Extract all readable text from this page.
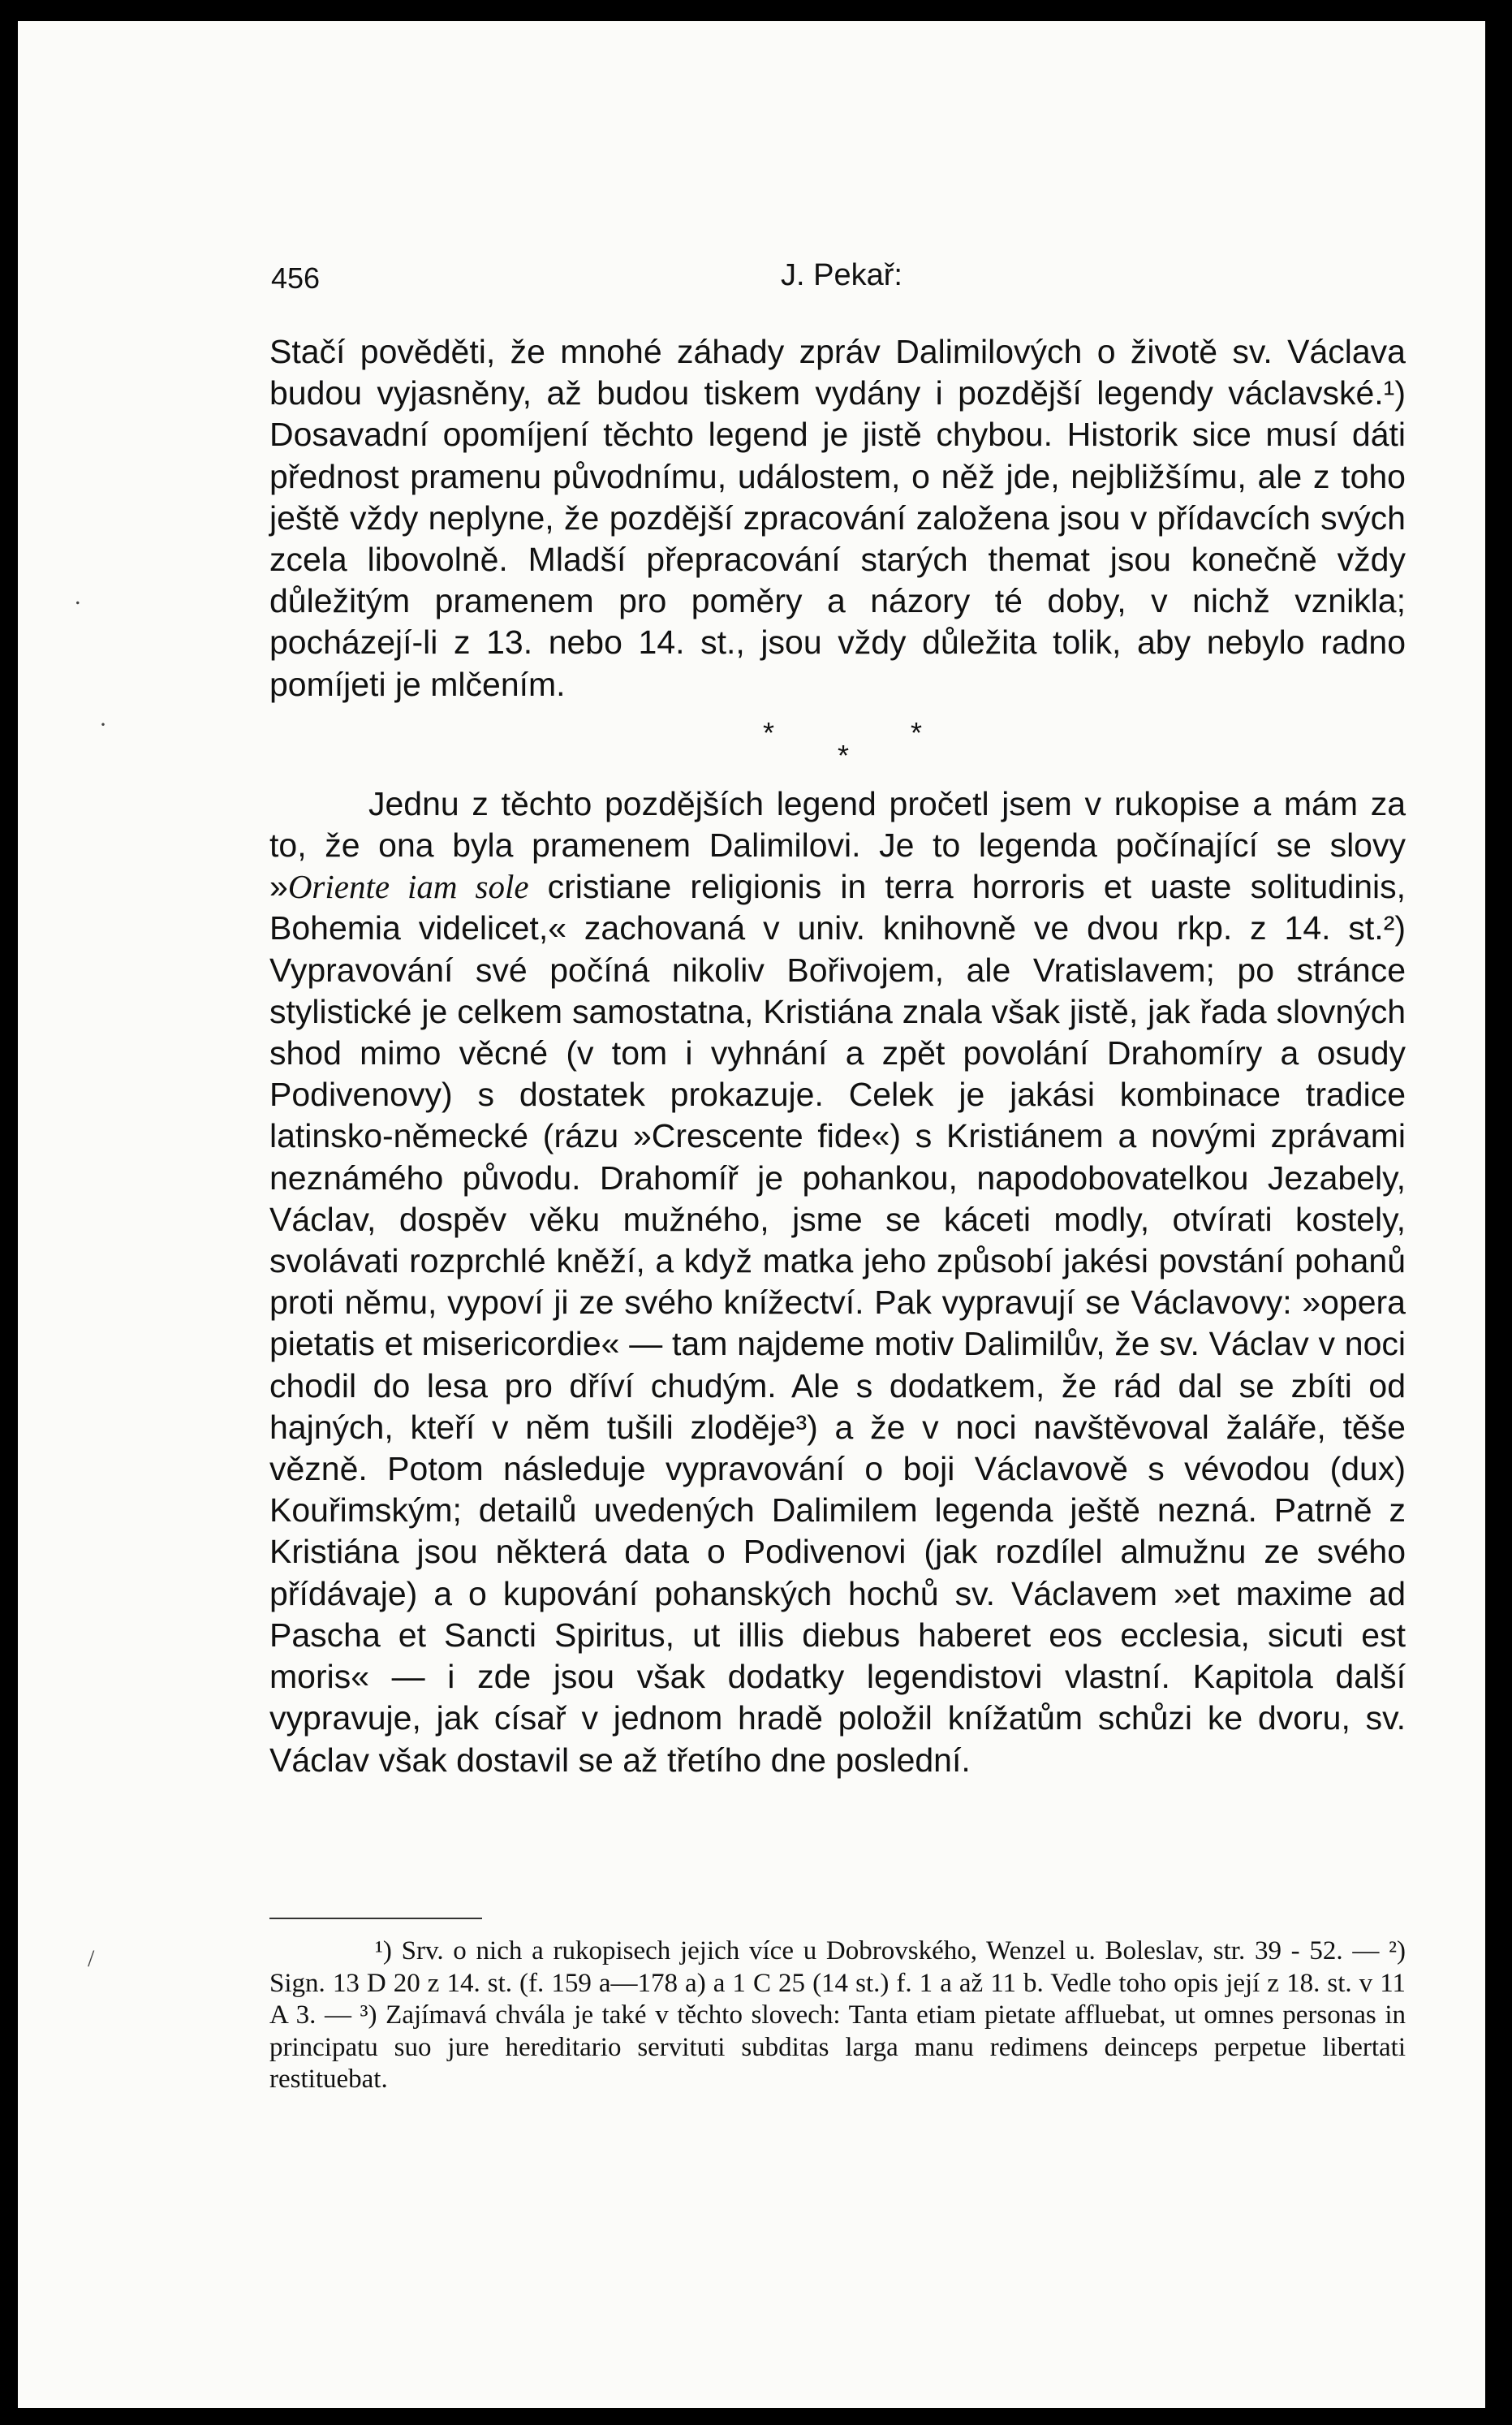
456	J. Pekař:

Stačí pověděti, že mnohé záhady zpráv Dalimilových o životě sv. Václava budou vyjasněny, až budou tiskem vydány i pozdější legendy václavské.¹) Dosavadní opomíjení těchto legend je jistě chybou. Historik sice musí dáti přednost pramenu původnímu, událostem, o něž jde, nejbližšímu, ale z toho ještě vždy neplyne, že pozdější zpracování založena jsou v přídavcích svých zcela libovolně. Mladší přepracování starých themat jsou konečně vždy důležitým pramenem pro poměry a názory té doby, v nichž vznikla; pocházejí-li z 13. nebo 14. st., jsou vždy důležita tolik, aby nebylo radno pomíjeti je mlčením.

*
*
*

Jednu z těchto pozdějších legend pročetl jsem v rukopise a mám za to, že ona byla pramenem Dalimilovi. Je to legenda počínající se slovy »Oriente iam sole cristiane religionis in terra horroris et uaste solitudinis, Bohemia videlicet,« zachovaná v univ. knihovně ve dvou rkp. z 14. st.²) Vypravování své počíná nikoliv Bořivojem, ale Vratislavem; po stránce stylistické je celkem samostatna, Kristiána znala však jistě, jak řada slovných shod mimo věcné (v tom i vyhnání a zpět povolání Drahomíry a osudy Podivenovy) s dostatek prokazuje. Celek je jakási kombinace tradice latinsko-německé (rázu »Crescente fide«) s Kristiánem a novými zprávami neznámého původu. Drahomíř je pohankou, napodobovatelkou Jezabely, Václav, dospěv věku mužného, jsme se káceti modly, otvírati kostely, svolávati rozprchlé kněží, a když matka jeho způsobí jakési povstání pohanů proti němu, vypoví ji ze svého knížectví. Pak vypravují se Václavovy: »opera pietatis et misericordie« — tam najdeme motiv Dalimilův, že sv. Václav v noci chodil do lesa pro dříví chudým. Ale s dodatkem, že rád dal se zbíti od hajných, kteří v něm tušili zloděje³) a že v noci navštěvoval žaláře, těše vězně. Potom následuje vypravování o boji Václavově s vévodou (dux) Kouřimským; detailů uvedených Dalimilem legenda ještě nezná. Patrně z Kristiána jsou některá data o Podivenovi (jak rozdílel almužnu ze svého přídávaje) a o kupování pohanských hochů sv. Václavem »et maxime ad Pascha et Sancti Spiritus, ut illis diebus haberet eos ecclesia, sicuti est moris« — i zde jsou však dodatky legendistovi vlastní. Kapitola další vypravuje, jak císař v jednom hradě položil knížatům schůzi ke dvoru, sv. Václav však dostavil se až třetího dne poslední.

¹) Srv. o nich a rukopisech jejich více u Dobrovského, Wenzel u. Boleslav, str. 39 - 52. — ²) Sign. 13 D 20 z 14. st. (f. 159 a—178 a) a 1 C 25 (14 st.) f. 1 a až 11 b. Vedle toho opis její z 18. st. v 11 A 3. — ³) Zajímavá chvála je také v těchto slovech: Tanta etiam pietate affluebat, ut omnes personas in principatu suo jure hereditario servituti subditas larga manu redimens deinceps perpetue libertati restituebat.

.
·
/
